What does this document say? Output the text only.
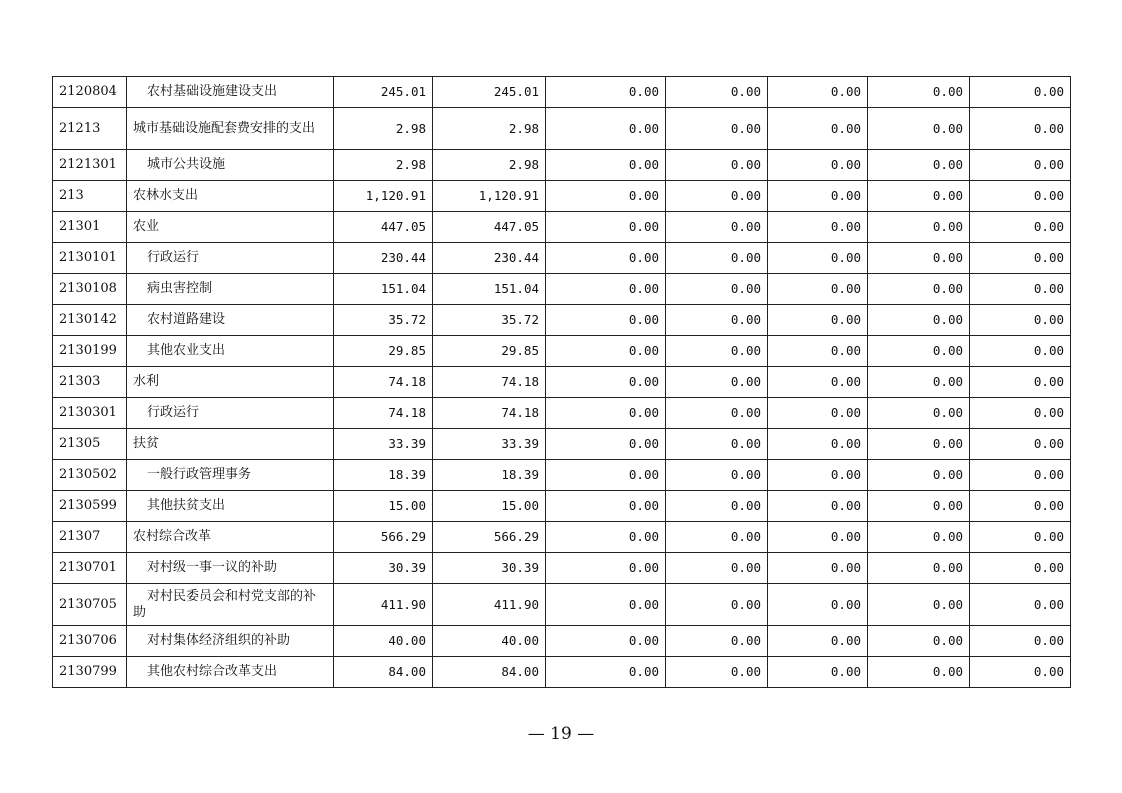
2120804	农村基础设施建设支出	245.01	245.01	0.00	0.00	0.00	0.00	0.00
21213	城市基础设施配套费安排的支出	2.98	2.98	0.00	0.00	0.00	0.00	0.00
2121301	城市公共设施	2.98	2.98	0.00	0.00	0.00	0.00	0.00
213	农林水支出	1,120.91	1,120.91	0.00	0.00	0.00	0.00	0.00
21301	农业	447.05	447.05	0.00	0.00	0.00	0.00	0.00
2130101	行政运行	230.44	230.44	0.00	0.00	0.00	0.00	0.00
2130108	病虫害控制	151.04	151.04	0.00	0.00	0.00	0.00	0.00
2130142	农村道路建设	35.72	35.72	0.00	0.00	0.00	0.00	0.00
2130199	其他农业支出	29.85	29.85	0.00	0.00	0.00	0.00	0.00
21303	水利	74.18	74.18	0.00	0.00	0.00	0.00	0.00
2130301	行政运行	74.18	74.18	0.00	0.00	0.00	0.00	0.00
21305	扶贫	33.39	33.39	0.00	0.00	0.00	0.00	0.00
2130502	一般行政管理事务	18.39	18.39	0.00	0.00	0.00	0.00	0.00
2130599	其他扶贫支出	15.00	15.00	0.00	0.00	0.00	0.00	0.00
21307	农村综合改革	566.29	566.29	0.00	0.00	0.00	0.00	0.00
2130701	对村级一事一议的补助	30.39	30.39	0.00	0.00	0.00	0.00	0.00
2130705	对村民委员会和村党支部的补助	411.90	411.90	0.00	0.00	0.00	0.00	0.00
2130706	对村集体经济组织的补助	40.00	40.00	0.00	0.00	0.00	0.00	0.00
2130799	其他农村综合改革支出	84.00	84.00	0.00	0.00	0.00	0.00	0.00
— 19 —
